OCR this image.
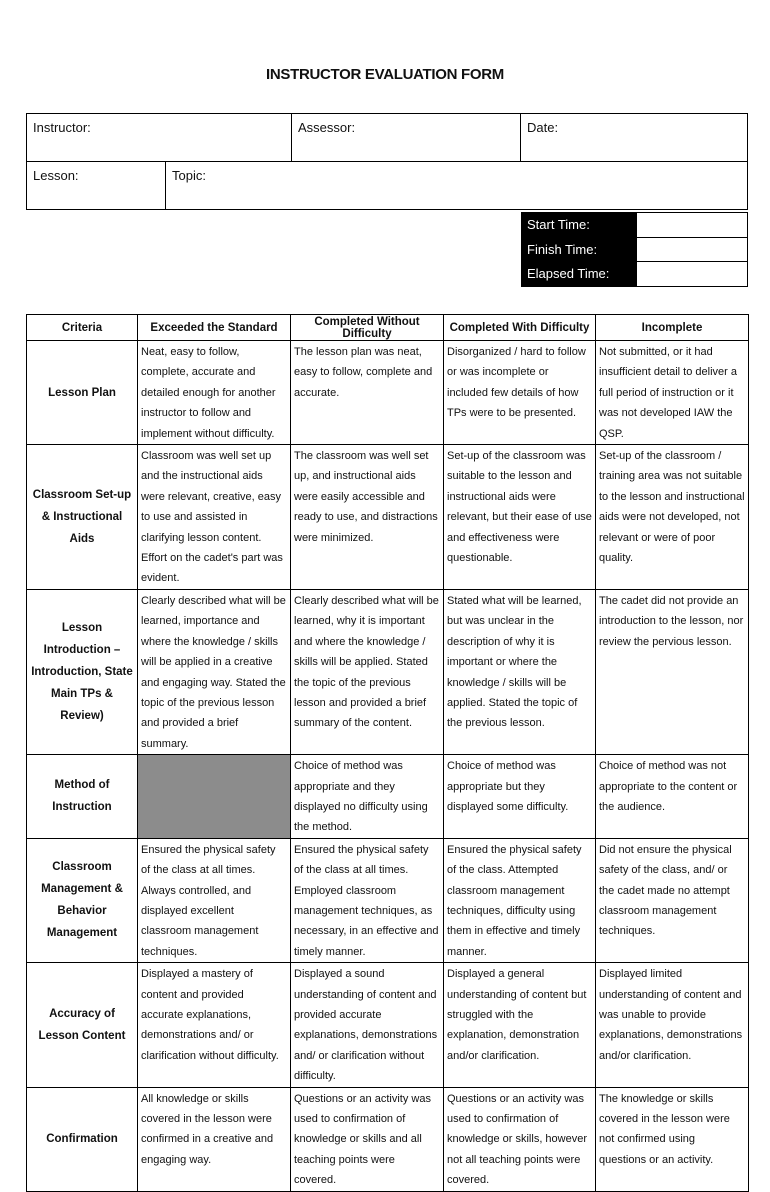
INSTRUCTOR EVALUATION FORM
Instructor:		Assessor:	Date:
Lesson:	Topic:		
Start Time:	
Finish Time:	
Elapsed Time:	
Criteria	Exceeded the Standard	Completed Without Difficulty	Completed With Difficulty	Incomplete
Lesson Plan	Neat, easy to follow, complete, accurate and detailed enough for another instructor to follow and implement without difficulty.	The lesson plan was neat, easy to follow, complete and accurate.	Disorganized / hard to follow or was incomplete or included few details of how TPs were to be presented.	Not submitted, or it had insufficient detail to deliver a full period of instruction or it was not developed IAW the QSP.
Classroom Set-up & Instructional Aids	Classroom was well set up and the instructional aids were relevant, creative, easy to use and assisted in clarifying lesson content. Effort on the cadet's part was evident.	The classroom was well set up, and instructional aids were easily accessible and ready to use, and distractions were minimized.	Set-up of the classroom was suitable to the lesson and instructional aids were relevant, but their ease of use and effectiveness were questionable.	Set-up of the classroom / training area was not suitable to the lesson and instructional aids were not developed, not relevant or were of poor quality.
Lesson Introduction – Introduction, State Main TPs & Review)	Clearly described what will be learned, importance and where the knowledge / skills will be applied in a creative and engaging way. Stated the topic of the previous lesson and provided a brief summary.	Clearly described what will be learned, why it is important and where the knowledge / skills will be applied. Stated the topic of the previous lesson and provided a brief summary of the content.	Stated what will be learned, but was unclear in the description of why it is important or where the knowledge / skills will be applied. Stated the topic of the previous lesson.	The cadet did not provide an introduction to the lesson, nor review the pervious lesson.
Method of Instruction		Choice of method was appropriate and they displayed no difficulty using the method.	Choice of method was appropriate but they displayed some difficulty.	Choice of method was not appropriate to the content or the audience.
Classroom Management & Behavior Management	Ensured the physical safety of the class at all times. Always controlled, and displayed excellent classroom management techniques.	Ensured the physical safety of the class at all times. Employed classroom management techniques, as necessary, in an effective and timely manner.	Ensured the physical safety of the class. Attempted classroom management techniques, difficulty using them in effective and timely manner.	Did not ensure the physical safety of the class, and/ or the cadet made no attempt classroom management techniques.
Accuracy of Lesson Content	Displayed a mastery of content and provided accurate explanations, demonstrations and/ or clarification without difficulty.	Displayed a sound understanding of content and provided accurate explanations, demonstrations and/ or clarification without difficulty.	Displayed a general understanding of content but struggled with the explanation, demonstration and/or clarification.	Displayed limited understanding of content and was unable to provide explanations, demonstrations and/or clarification.
Confirmation	All knowledge or skills covered in the lesson were confirmed in a creative and engaging way.	Questions or an activity was used to confirmation of knowledge or skills and all teaching points were covered.	Questions or an activity was used to confirmation of knowledge or skills, however not all teaching points were covered.	The knowledge or skills covered in the lesson were not confirmed using questions or an activity.
